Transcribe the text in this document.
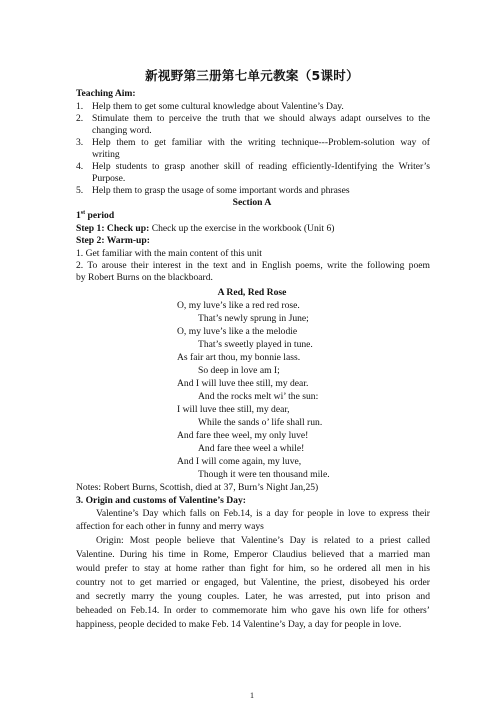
新视野第三册第七单元教案（5课时）
Teaching Aim:
1. Help them to get some cultural knowledge about Valentine’s Day.
2. Stimulate them to perceive the truth that we should always adapt ourselves to the
changing word.
3. Help them to get familiar with the writing technique---Problem-solution way of
writing
4. Help students to grasp another skill of reading efficiently-Identifying the Writer’s
Purpose.
5. Help them to grasp the usage of some important words and phrases
Section A
1st period
Step 1: Check up: Check up the exercise in the workbook (Unit 6)
Step 2: Warm-up:
1. Get familiar with the main content of this unit
2. To arouse their interest in the text and in English poems, write the following poem
by Robert Burns on the blackboard.
A Red, Red Rose
O, my luve’s like a red red rose.
That’s newly sprung in June;
O, my luve’s like a the melodie
That’s sweetly played in tune.
As fair art thou, my bonnie lass.
So deep in love am I;
And I will luve thee still, my dear.
And the rocks melt wi’ the sun:
I will luve thee still, my dear,
While the sands o’ life shall run.
And fare thee weel, my only luve!
And fare thee weel a while!
And I will come again, my luve,
Though it were ten thousand mile.
Notes: Robert Burns, Scottish, died at 37, Burn’s Night Jan,25)
3. Origin and customs of Valentine’s Day:
Valentine’s Day which falls on Feb.14, is a day for people in love to express their
affection for each other in funny and merry ways
Origin: Most people believe that Valentine’s Day is related to a priest called
Valentine. During his time in Rome, Emperor Claudius believed that a married man
would prefer to stay at home rather than fight for him, so he ordered all men in his
country not to get married or engaged, but Valentine, the priest, disobeyed his order
and secretly marry the young couples. Later, he was arrested, put into prison and
beheaded on Feb.14. In order to commemorate him who gave his own life for others’
happiness, people decided to make Feb. 14 Valentine’s Day, a day for people in love.
1
